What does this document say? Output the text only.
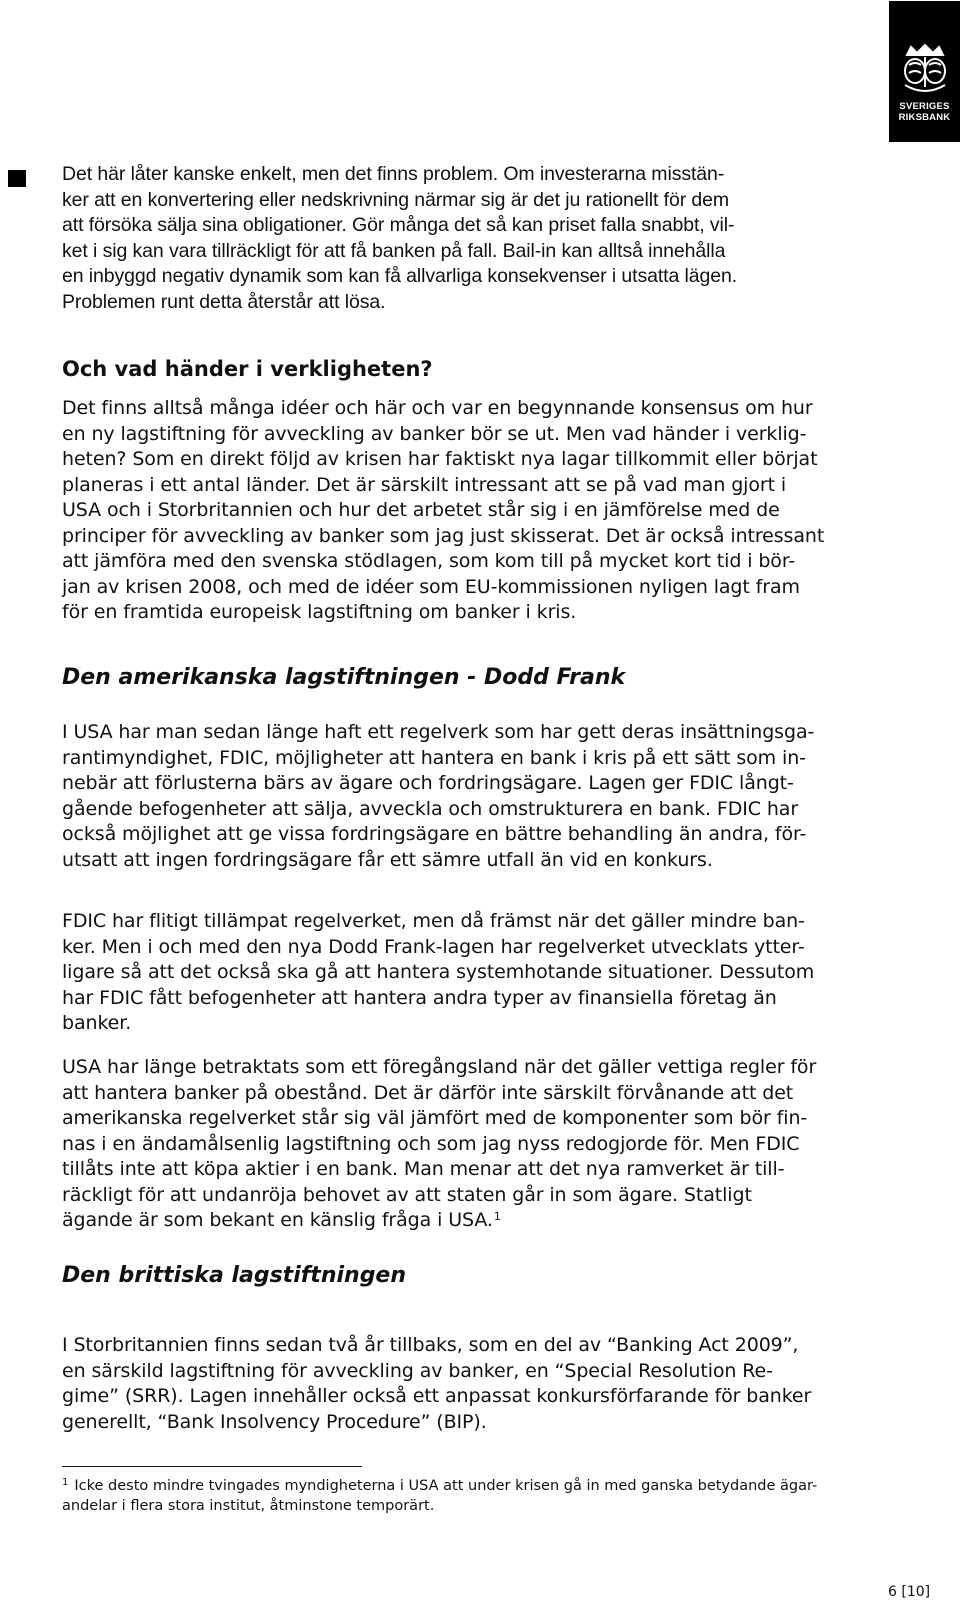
SVERIGES
RIKSBANK
Det här låter kanske enkelt, men det finns problem. Om investerarna misstän-
ker att en konvertering eller nedskrivning närmar sig är det ju rationellt för dem
att försöka sälja sina obligationer. Gör många det så kan priset falla snabbt, vil-
ket i sig kan vara tillräckligt för att få banken på fall. Bail-in kan alltså innehålla
en inbyggd negativ dynamik som kan få allvarliga konsekvenser i utsatta lägen.
Problemen runt detta återstår att lösa.
Och vad händer i verkligheten?
Det finns alltså många idéer och här och var en begynnande konsensus om hur
en ny lagstiftning för avveckling av banker bör se ut. Men vad händer i verklig-
heten? Som en direkt följd av krisen har faktiskt nya lagar tillkommit eller börjat
planeras i ett antal länder. Det är särskilt intressant att se på vad man gjort i
USA och i Storbritannien och hur det arbetet står sig i en jämförelse med de
principer för avveckling av banker som jag just skisserat. Det är också intressant
att jämföra med den svenska stödlagen, som kom till på mycket kort tid i bör-
jan av krisen 2008, och med de idéer som EU-kommissionen nyligen lagt fram
för en framtida europeisk lagstiftning om banker i kris.
Den amerikanska lagstiftningen - Dodd Frank
I USA har man sedan länge haft ett regelverk som har gett deras insättningsga-
rantimyndighet, FDIC, möjligheter att hantera en bank i kris på ett sätt som in-
nebär att förlusterna bärs av ägare och fordringsägare. Lagen ger FDIC långt-
gående befogenheter att sälja, avveckla och omstrukturera en bank. FDIC har
också möjlighet att ge vissa fordringsägare en bättre behandling än andra, för-
utsatt att ingen fordringsägare får ett sämre utfall än vid en konkurs.
FDIC har flitigt tillämpat regelverket, men då främst när det gäller mindre ban-
ker. Men i och med den nya Dodd Frank-lagen har regelverket utvecklats ytter-
ligare så att det också ska gå att hantera systemhotande situationer. Dessutom
har FDIC fått befogenheter att hantera andra typer av finansiella företag än
banker.
USA har länge betraktats som ett föregångsland när det gäller vettiga regler för
att hantera banker på obestånd. Det är därför inte särskilt förvånande att det
amerikanska regelverket står sig väl jämfört med de komponenter som bör fin-
nas i en ändamålsenlig lagstiftning och som jag nyss redogjorde för. Men FDIC
tillåts inte att köpa aktier i en bank. Man menar att det nya ramverket är till-
räckligt för att undanröja behovet av att staten går in som ägare. Statligt
ägande är som bekant en känslig fråga i USA.$^1$
Den brittiska lagstiftningen
I Storbritannien finns sedan två år tillbaks, som en del av “Banking Act 2009”,
en särskild lagstiftning för avveckling av banker, en “Special Resolution Re-
gime” (SRR). Lagen innehåller också ett anpassat konkursförfarande för banker
generellt, “Bank Insolvency Procedure” (BIP).
$^1$ Icke desto mindre tvingades myndigheterna i USA att under krisen gå in med ganska betydande ägar-
andelar i flera stora institut, åtminstone temporärt.
6 [10]
